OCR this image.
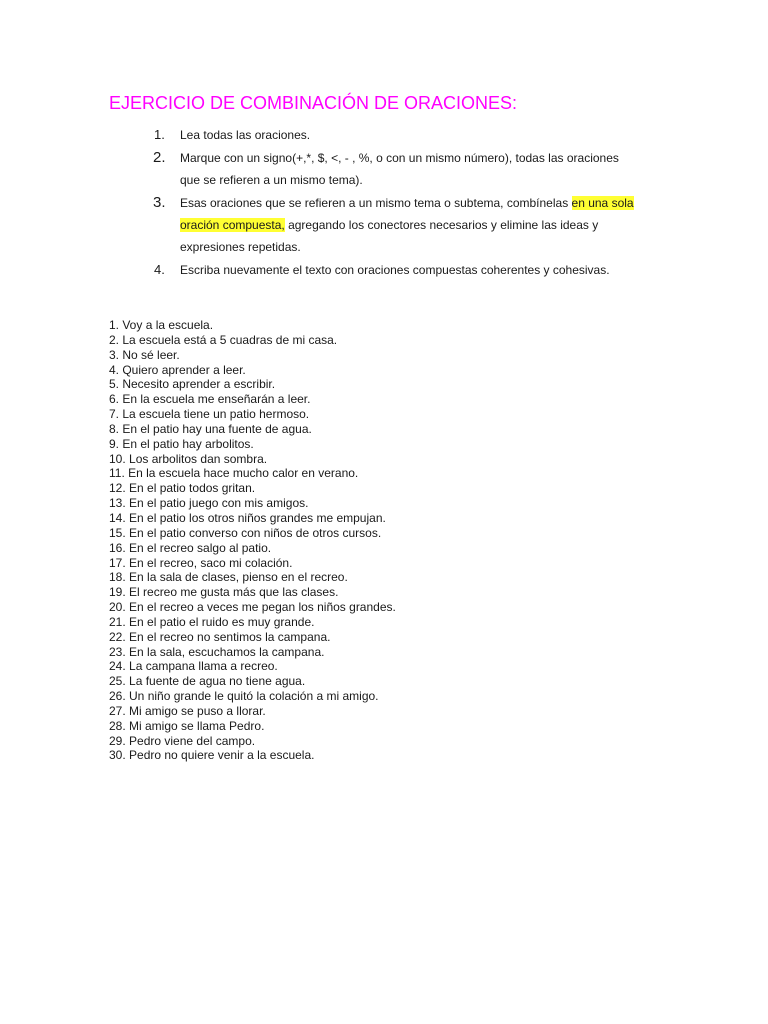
EJERCICIO DE COMBINACIÓN DE ORACIONES:
1. Lea todas las oraciones.
2. Marque con un signo(+,*, $, <, - , %, o con un mismo número), todas las oraciones
que se refieren a un mismo tema).
3. Esas oraciones que se refieren a un mismo tema o subtema, combínelas en una sola
oración compuesta, agregando los conectores necesarios y elimine las ideas y
expresiones repetidas.
4. Escriba nuevamente el texto con oraciones compuestas coherentes y cohesivas.
1. Voy a la escuela.
2. La escuela está a 5 cuadras de mi casa.
3. No sé leer.
4. Quiero aprender a leer.
5. Necesito aprender a escribir.
6. En la escuela me enseñarán a leer.
7. La escuela tiene un patio hermoso.
8. En el patio hay una fuente de agua.
9. En el patio hay arbolitos.
10. Los arbolitos dan sombra.
11. En la escuela hace mucho calor en verano.
12. En el patio todos gritan.
13. En el patio juego con mis amigos.
14. En el patio los otros niños grandes me empujan.
15. En el patio converso con niños de otros cursos.
16. En el recreo salgo al patio.
17. En el recreo, saco mi colación.
18. En la sala de clases, pienso en el recreo.
19. El recreo me gusta más que las clases.
20. En el recreo a veces me pegan los niños grandes.
21. En el patio el ruido es muy grande.
22. En el recreo no sentimos la campana.
23. En la sala, escuchamos la campana.
24. La campana llama a recreo.
25. La fuente de agua no tiene agua.
26. Un niño grande le quitó la colación a mi amigo.
27. Mi amigo se puso a llorar.
28. Mi amigo se llama Pedro.
29. Pedro viene del campo.
30. Pedro no quiere venir a la escuela.
